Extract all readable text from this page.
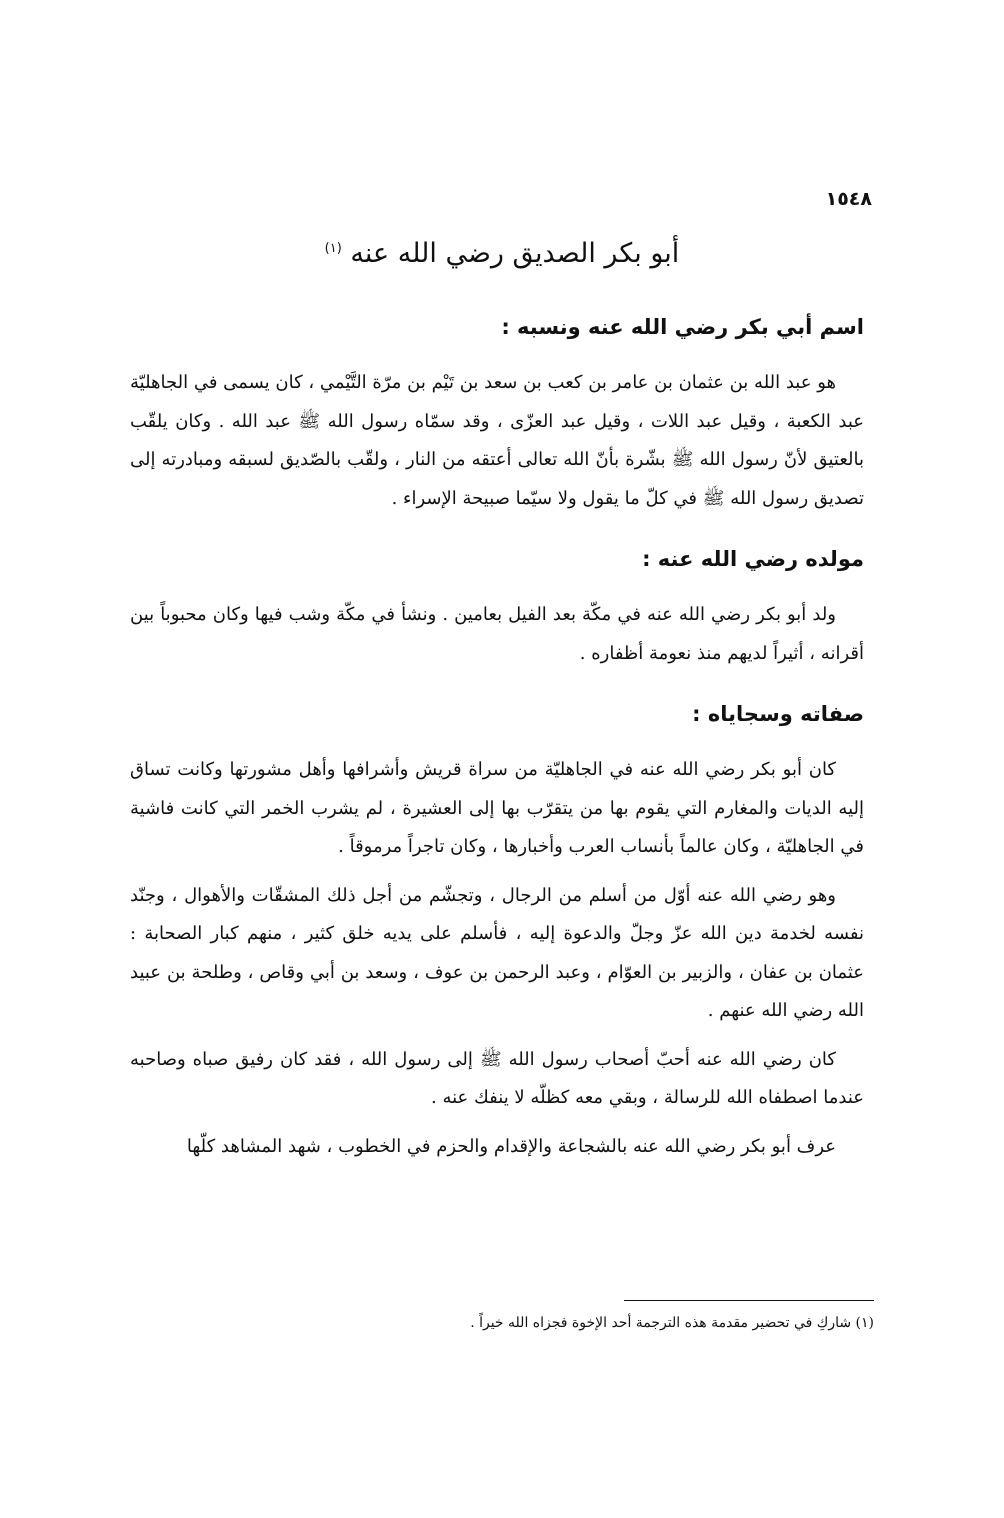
١٥٤٨
أبو بكر الصديق رضي الله عنه $^{(١)}$
اسم أبي بكر رضي الله عنه ونسبه :

هو عبد الله بن عثمان بن عامر بن كعب بن سعد بن تَيْم بن مرّة التَّيْمي ، كان يسمى في الجاهليّة عبد الكعبة ، وقيل عبد اللات ، وقيل عبد العزّى ، وقد سمّاه رسول الله ﷺ عبد الله . وكان يلقّب بالعتيق لأنّ رسول الله ﷺ بشّرة بأنّ الله تعالى أعتقه من النار ، ولقّب بالصّديق لسبقه ومبادرته إلى تصديق رسول الله ﷺ في كلّ ما يقول ولا سيّما صبيحة الإسراء .

مولده رضي الله عنه :

ولد أبو بكر رضي الله عنه في مكّة بعد الفيل بعامين . ونشأ في مكّة وشب فيها وكان محبوباً بين أقرانه ، أثيراً لديهم منذ نعومة أظفاره .

صفاته وسجاياه :

كان أبو بكر رضي الله عنه في الجاهليّة من سراة قريش وأشرافها وأهل مشورتها وكانت تساق إليه الديات والمغارم التي يقوم بها من يتقرّب بها إلى العشيرة ، لم يشرب الخمر التي كانت فاشية في الجاهليّة ، وكان عالماً بأنساب العرب وأخبارها ، وكان تاجراً مرموقاً .

وهو رضي الله عنه أوّل من أسلم من الرجال ، وتجشّم من أجل ذلك المشقّات والأهوال ، وجنّد نفسه لخدمة دين الله عزّ وجلّ والدعوة إليه ، فأسلم على يديه خلق كثير ، منهم كبار الصحابة : عثمان بن عفان ، والزبير بن العوّام ، وعبد الرحمن بن عوف ، وسعد بن أبي وقاص ، وطلحة بن عبيد الله رضي الله عنهم .

كان رضي الله عنه أحبّ أصحاب رسول الله ﷺ إلى رسول الله ، فقد كان رفيق صباه وصاحبه عندما اصطفاه الله للرسالة ، وبقي معه كظلّه لا ينفك عنه .

عرف أبو بكر رضي الله عنه بالشجاعة والإقدام والحزم في الخطوب ، شهد المشاهد كلّها

(١) شاركِ في تحضير مقدمة هذه الترجمة أحد الإخوة فجزاه الله خيراً .
